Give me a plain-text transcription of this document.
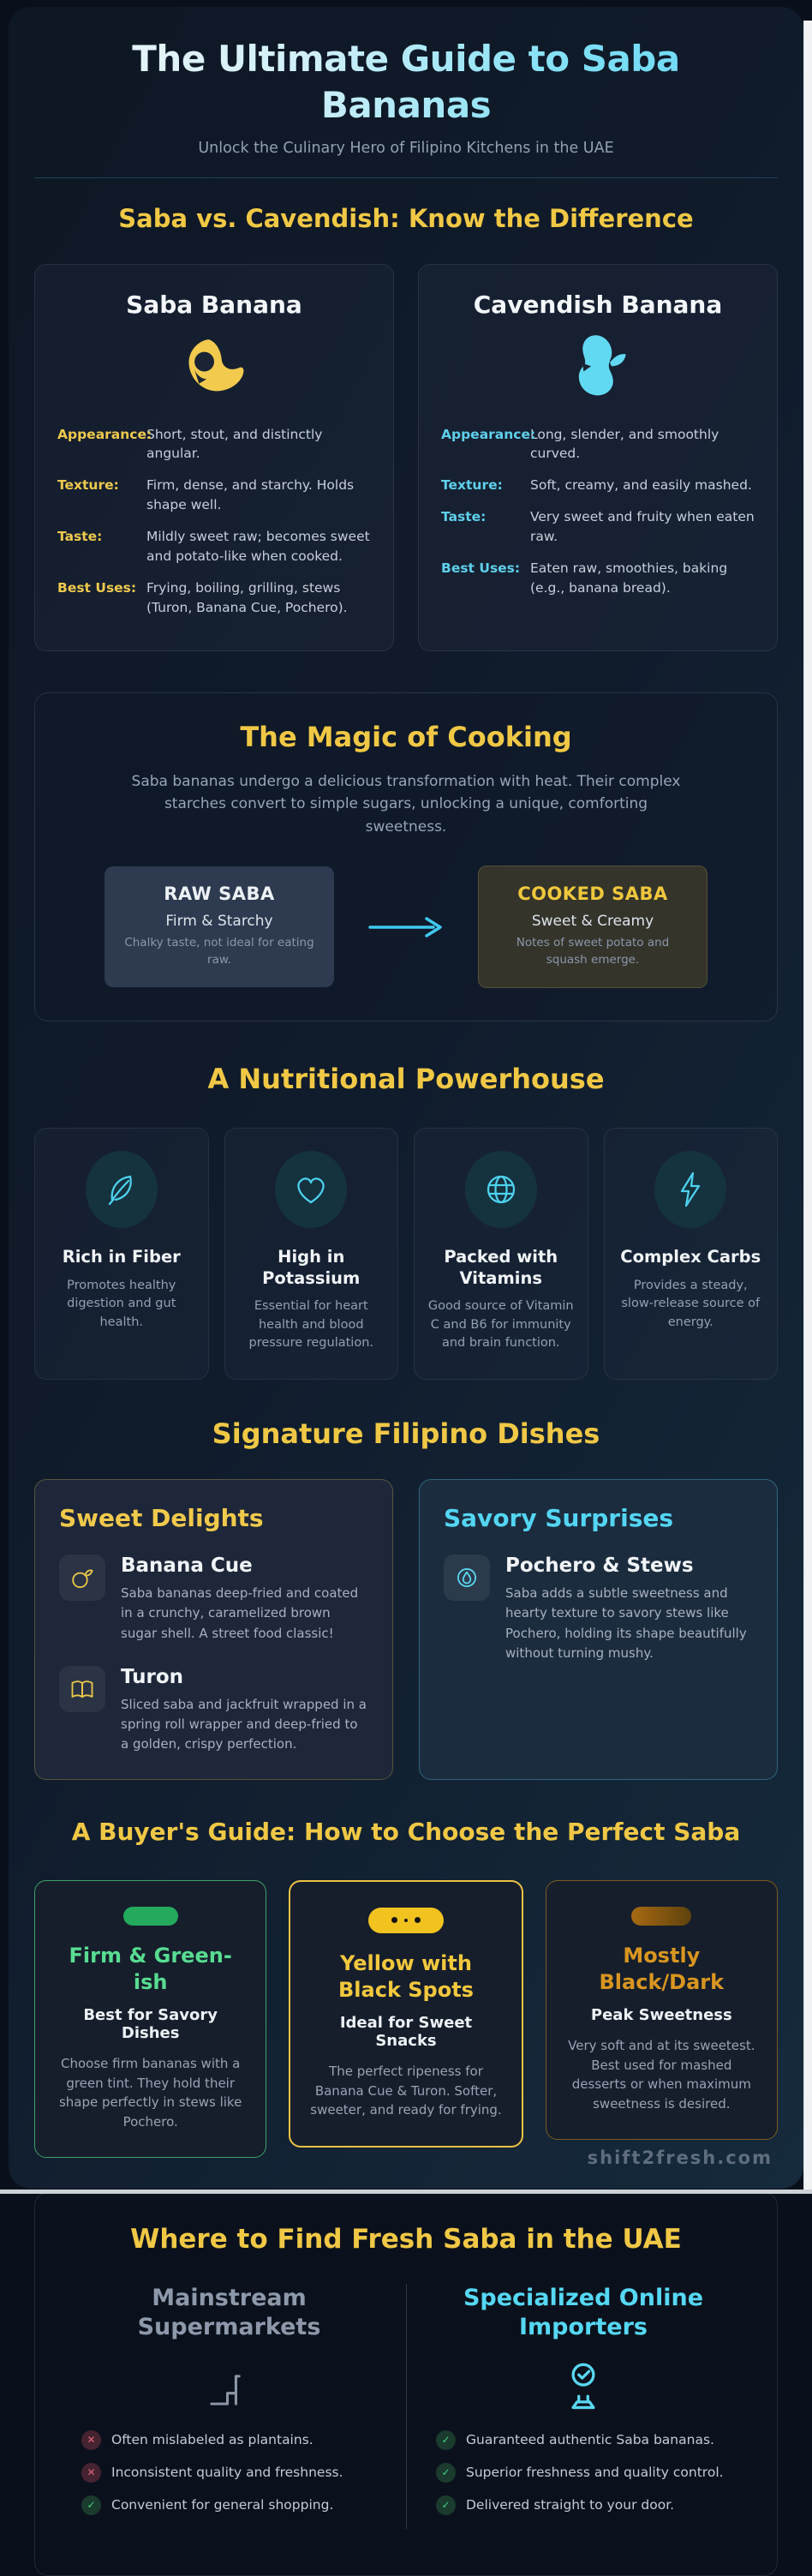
The Ultimate Guide to Saba Bananas
Unlock the Culinary Hero of Filipino Kitchens in the UAE
Saba vs. Cavendish: Know the Difference
Saba Banana
Appearance:
Short, stout, and distinctly angular.
Texture:	Firm, dense, and starchy. Holds shape well.
Taste:	Mildly sweet raw; becomes sweet and potato-like when cooked.
Best Uses: Frying, boiling, grilling, stews (Turon, Banana Cue, Pochero).
Cavendish Banana
Appearance:
Long, slender, and smoothly curved.
Texture:	Soft, creamy, and easily mashed.
Taste:	Very sweet and fruity when eaten raw.
Best Uses: Eaten raw, smoothies, baking (e.g., banana bread).
The Magic of Cooking

Saba bananas undergo a delicious transformation with heat. Their complex starches convert to simple sugars, unlocking a unique, comforting sweetness.

RAW SABA
Firm & Starchy
Chalky taste, not ideal for eating raw.
COOKED SABA
Sweet & Creamy
Notes of sweet potato and squash emerge.
A Nutritional Powerhouse
Rich in Fiber
Promotes healthy digestion and gut health.
High in Potassium
Essential for heart health and blood pressure regulation.
Packed with Vitamins
Good source of Vitamin C and B6 for immunity and brain function.
Complex Carbs
Provides a steady, slow-release source of energy.
Signature Filipino Dishes
Sweet Delights
Banana Cue
Saba bananas deep-fried and coated in a crunchy, caramelized brown sugar shell. A street food classic!
Turon
Sliced saba and jackfruit wrapped in a spring roll wrapper and deep-fried to a golden, crispy perfection.
Savory Surprises
Pochero & Stews
Saba adds a subtle sweetness and hearty texture to savory stews like Pochero, holding its shape beautifully without turning mushy.
A Buyer's Guide: How to Choose the Perfect Saba
Firm & Green-ish
Best for Savory Dishes
Choose firm bananas with a green tint. They hold their shape perfectly in stews like Pochero.
Yellow with Black Spots
Ideal for Sweet Snacks
The perfect ripeness for Banana Cue & Turon. Softer, sweeter, and ready for frying.
Mostly Black/Dark
Peak Sweetness
Very soft and at its sweetest. Best used for mashed desserts or when maximum sweetness is desired.
Where to Find Fresh Saba in the UAE
Mainstream Supermarkets
✕	Often mislabeled as plantains.
✕	Inconsistent quality and freshness.
✓	Convenient for general shopping.
Specialized Online Importers
✓	Guaranteed authentic Saba bananas.
✓	Superior freshness and quality control.
✓	Delivered straight to your door.
shift2fresh.com
